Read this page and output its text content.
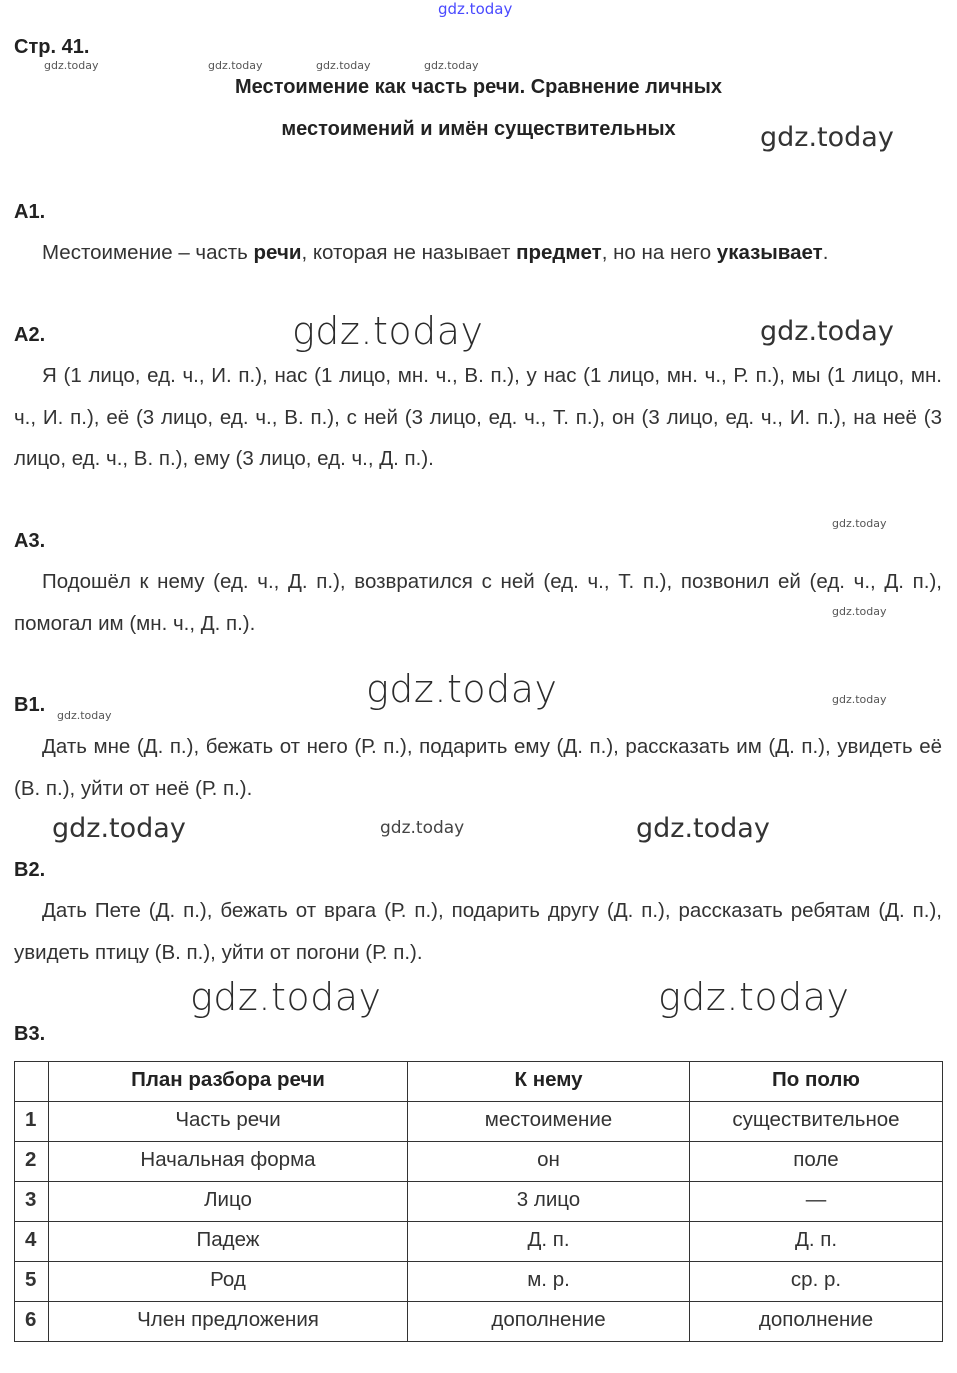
gdz.today
Стр. 41.
gdz.today	gdz.today	gdz.today	gdz.today
Местоимение как часть речи. Сравнение личных
местоимений и имён существительных	gdz.today
A1.
Местоимение – часть речи, которая не называет предмет, но на него указывает.
A2.
Я (1 лицо, ед. ч., И. п.), нас (1 лицо, мн. ч., В. п.), у нас (1 лицо, мн. ч., Р. п.), мы (1 лицо, мн. ч., И. п.), её (3 лицо, ед. ч., В. п.), с ней (3 лицо, ед. ч., Т. п.), он (3 лицо, ед. ч., И. п.), на неё (3 лицо, ед. ч., В. п.), ему (3 лицо, ед. ч., Д. п.).
gdz.today	gdz.today
gdz.today
A3.
Подошёл к нему (ед. ч., Д. п.), возвратился с ней (ед. ч., Т. п.), позвонил ей (ед. ч., Д. п.), помогал им (мн. ч., Д. п.).	gdz.today
gdz.today	gdz.today
B1. gdz.today
Дать мне (Д. п.), бежать от него (Р. п.), подарить ему (Д. п.), рассказать им (Д. п.), увидеть её (В. п.), уйти от неё (Р. п.).
gdz.today	gdz.today	gdz.today
B2.
Дать Пете (Д. п.), бежать от врага (Р. п.), подарить другу (Д. п.), рассказать ребятам (Д. п.), увидеть птицу (В. п.), уйти от погони (Р. п.).
gdz.today	gdz.today
B3.
	План разбора речи	К нему	По полю
1	Часть речи	местоимение	существительное
2	Начальная форма	он	поле
3	Лицо	3 лицо	—
4	Падеж	Д. п.	Д. п.
5	Род	м. р.	ср. р.
6	Член предложения	дополнение	дополнение
